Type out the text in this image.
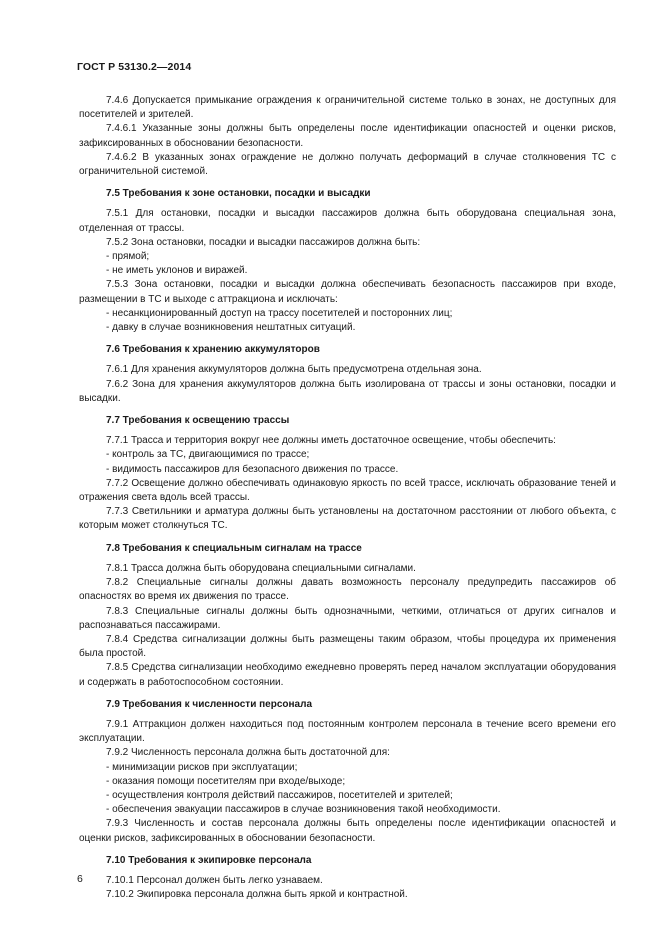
ГОСТ Р 53130.2—2014
7.4.6 Допускается примыкание ограждения к ограничительной системе только в зонах, не доступных для посетителей и зрителей.
7.4.6.1 Указанные зоны должны быть определены после идентификации опасностей и оценки рисков, зафиксированных в обосновании безопасности.
7.4.6.2 В указанных зонах ограждение не должно получать деформаций в случае столкновения ТС с ограничительной системой.
7.5 Требования к зоне остановки, посадки и высадки
7.5.1 Для остановки, посадки и высадки пассажиров должна быть оборудована специальная зона, отделенная от трассы.
7.5.2 Зона остановки, посадки и высадки пассажиров должна быть:
- прямой;
- не иметь уклонов и виражей.
7.5.3 Зона остановки, посадки и высадки должна обеспечивать безопасность пассажиров при входе, размещении в ТС и выходе с аттракциона и исключать:
- несанкционированный доступ на трассу посетителей и посторонних лиц;
- давку в случае возникновения нештатных ситуаций.
7.6 Требования к хранению аккумуляторов
7.6.1 Для хранения аккумуляторов должна быть предусмотрена отдельная зона.
7.6.2 Зона для хранения аккумуляторов должна быть изолирована от трассы и зоны остановки, посадки и высадки.
7.7 Требования к освещению трассы
7.7.1 Трасса и территория вокруг нее должны иметь достаточное освещение, чтобы обеспечить:
- контроль за ТС, двигающимися по трассе;
- видимость пассажиров для безопасного движения по трассе.
7.7.2 Освещение должно обеспечивать одинаковую яркость по всей трассе, исключать образование теней и отражения света вдоль всей трассы.
7.7.3 Светильники и арматура должны быть установлены на достаточном расстоянии от любого объекта, с которым может столкнуться ТС.
7.8 Требования к специальным сигналам на трассе
7.8.1 Трасса должна быть оборудована специальными сигналами.
7.8.2 Специальные сигналы должны давать возможность персоналу предупредить пассажиров об опасностях во время их движения по трассе.
7.8.3 Специальные сигналы должны быть однозначными, четкими, отличаться от других сигналов и распознаваться пассажирами.
7.8.4 Средства сигнализации должны быть размещены таким образом, чтобы процедура их применения была простой.
7.8.5 Средства сигнализации необходимо ежедневно проверять перед началом эксплуатации оборудования и содержать в работоспособном состоянии.
7.9 Требования к численности персонала
7.9.1 Аттракцион должен находиться под постоянным контролем персонала в течение всего времени его эксплуатации.
7.9.2 Численность персонала должна быть достаточной для:
- минимизации рисков при эксплуатации;
- оказания помощи посетителям при входе/выходе;
- осуществления контроля действий пассажиров, посетителей и зрителей;
- обеспечения эвакуации пассажиров в случае возникновения такой необходимости.
7.9.3 Численность и состав персонала должны быть определены после идентификации опасностей и оценки рисков, зафиксированных в обосновании безопасности.
7.10 Требования к экипировке персонала
7.10.1 Персонал должен быть легко узнаваем.
7.10.2 Экипировка персонала должна быть яркой и контрастной.
6
